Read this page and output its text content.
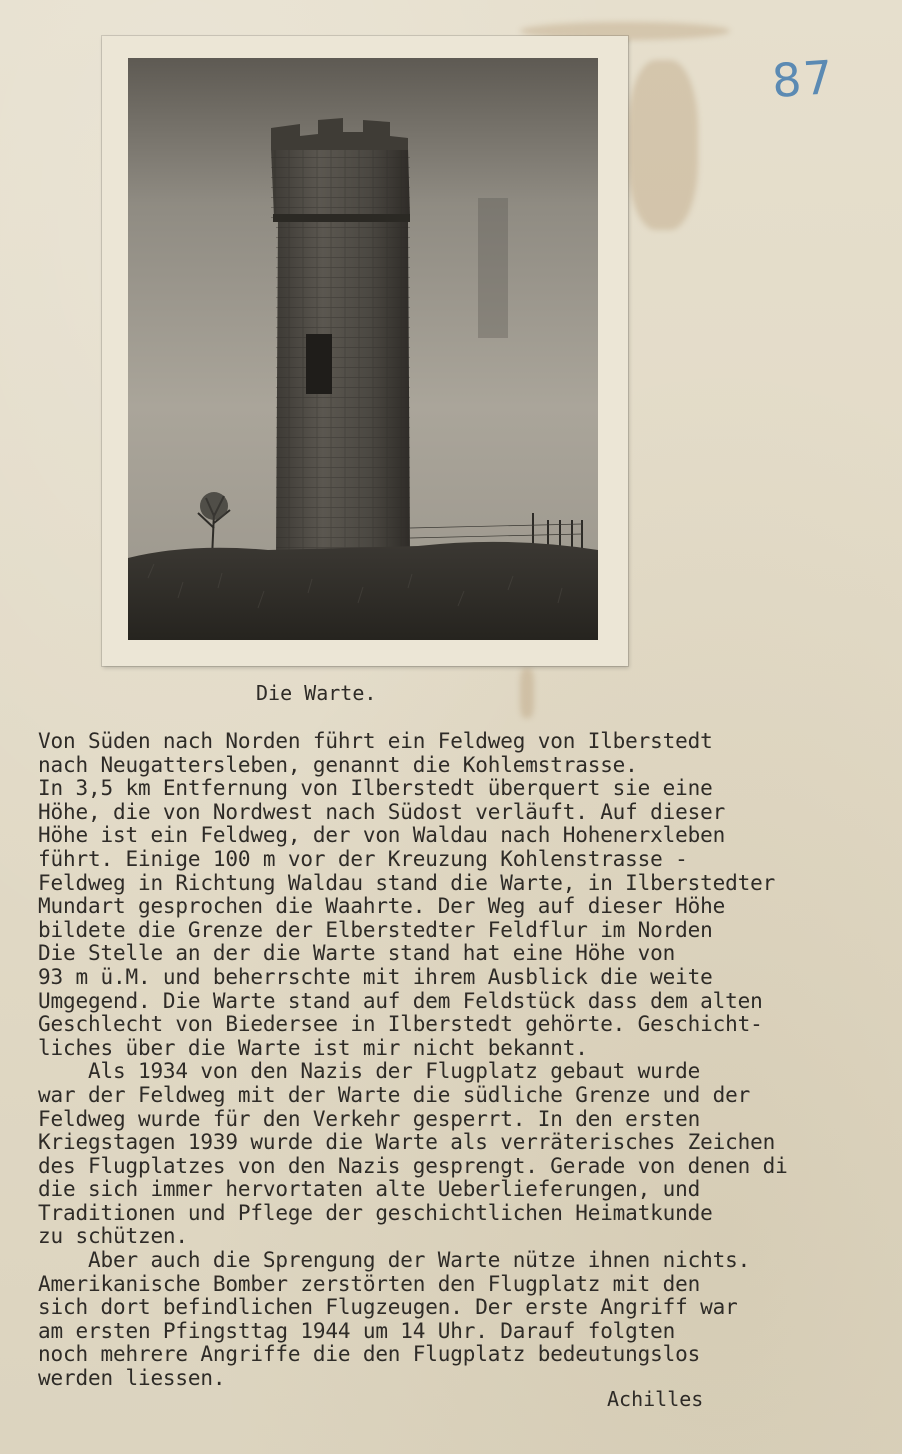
87
Die Warte.
Von Süden nach Norden führt ein Feldweg von Ilberstedt
nach Neugattersleben, genannt die Kohlemstrasse.
In 3,5 km Entfernung von Ilberstedt überquert sie eine
Höhe, die von Nordwest nach Südost verläuft. Auf dieser
Höhe ist ein Feldweg, der von Waldau nach Hohenerxleben
führt. Einige 100 m vor der Kreuzung Kohlenstrasse -
Feldweg in Richtung Waldau stand die Warte, in Ilberstedter
Mundart gesprochen die Waahrte. Der Weg auf dieser Höhe
bildete die Grenze der Elberstedter Feldflur im Norden
Die Stelle an der die Warte stand hat eine Höhe von
93 m ü.M. und beherrschte mit ihrem Ausblick die weite
Umgegend. Die Warte stand auf dem Feldstück dass dem alten
Geschlecht von Biedersee in Ilberstedt gehörte. Geschicht-
liches über die Warte ist mir nicht bekannt.
Als 1934 von den Nazis der Flugplatz gebaut wurde
war der Feldweg mit der Warte die südliche Grenze und der
Feldweg wurde für den Verkehr gesperrt. In den ersten
Kriegstagen 1939 wurde die Warte als verräterisches Zeichen
des Flugplatzes von den Nazis gesprengt. Gerade von denen di
die sich immer hervortaten alte Ueberlieferungen, und
Traditionen und Pflege der geschichtlichen Heimatkunde
zu schützen.
Aber auch die Sprengung der Warte nütze ihnen nichts.
Amerikanische Bomber zerstörten den Flugplatz mit den
sich dort befindlichen Flugzeugen. Der erste Angriff war
am ersten Pfingsttag 1944 um 14 Uhr. Darauf folgten
noch mehrere Angriffe die den Flugplatz bedeutungslos
werden liessen.
Achilles
